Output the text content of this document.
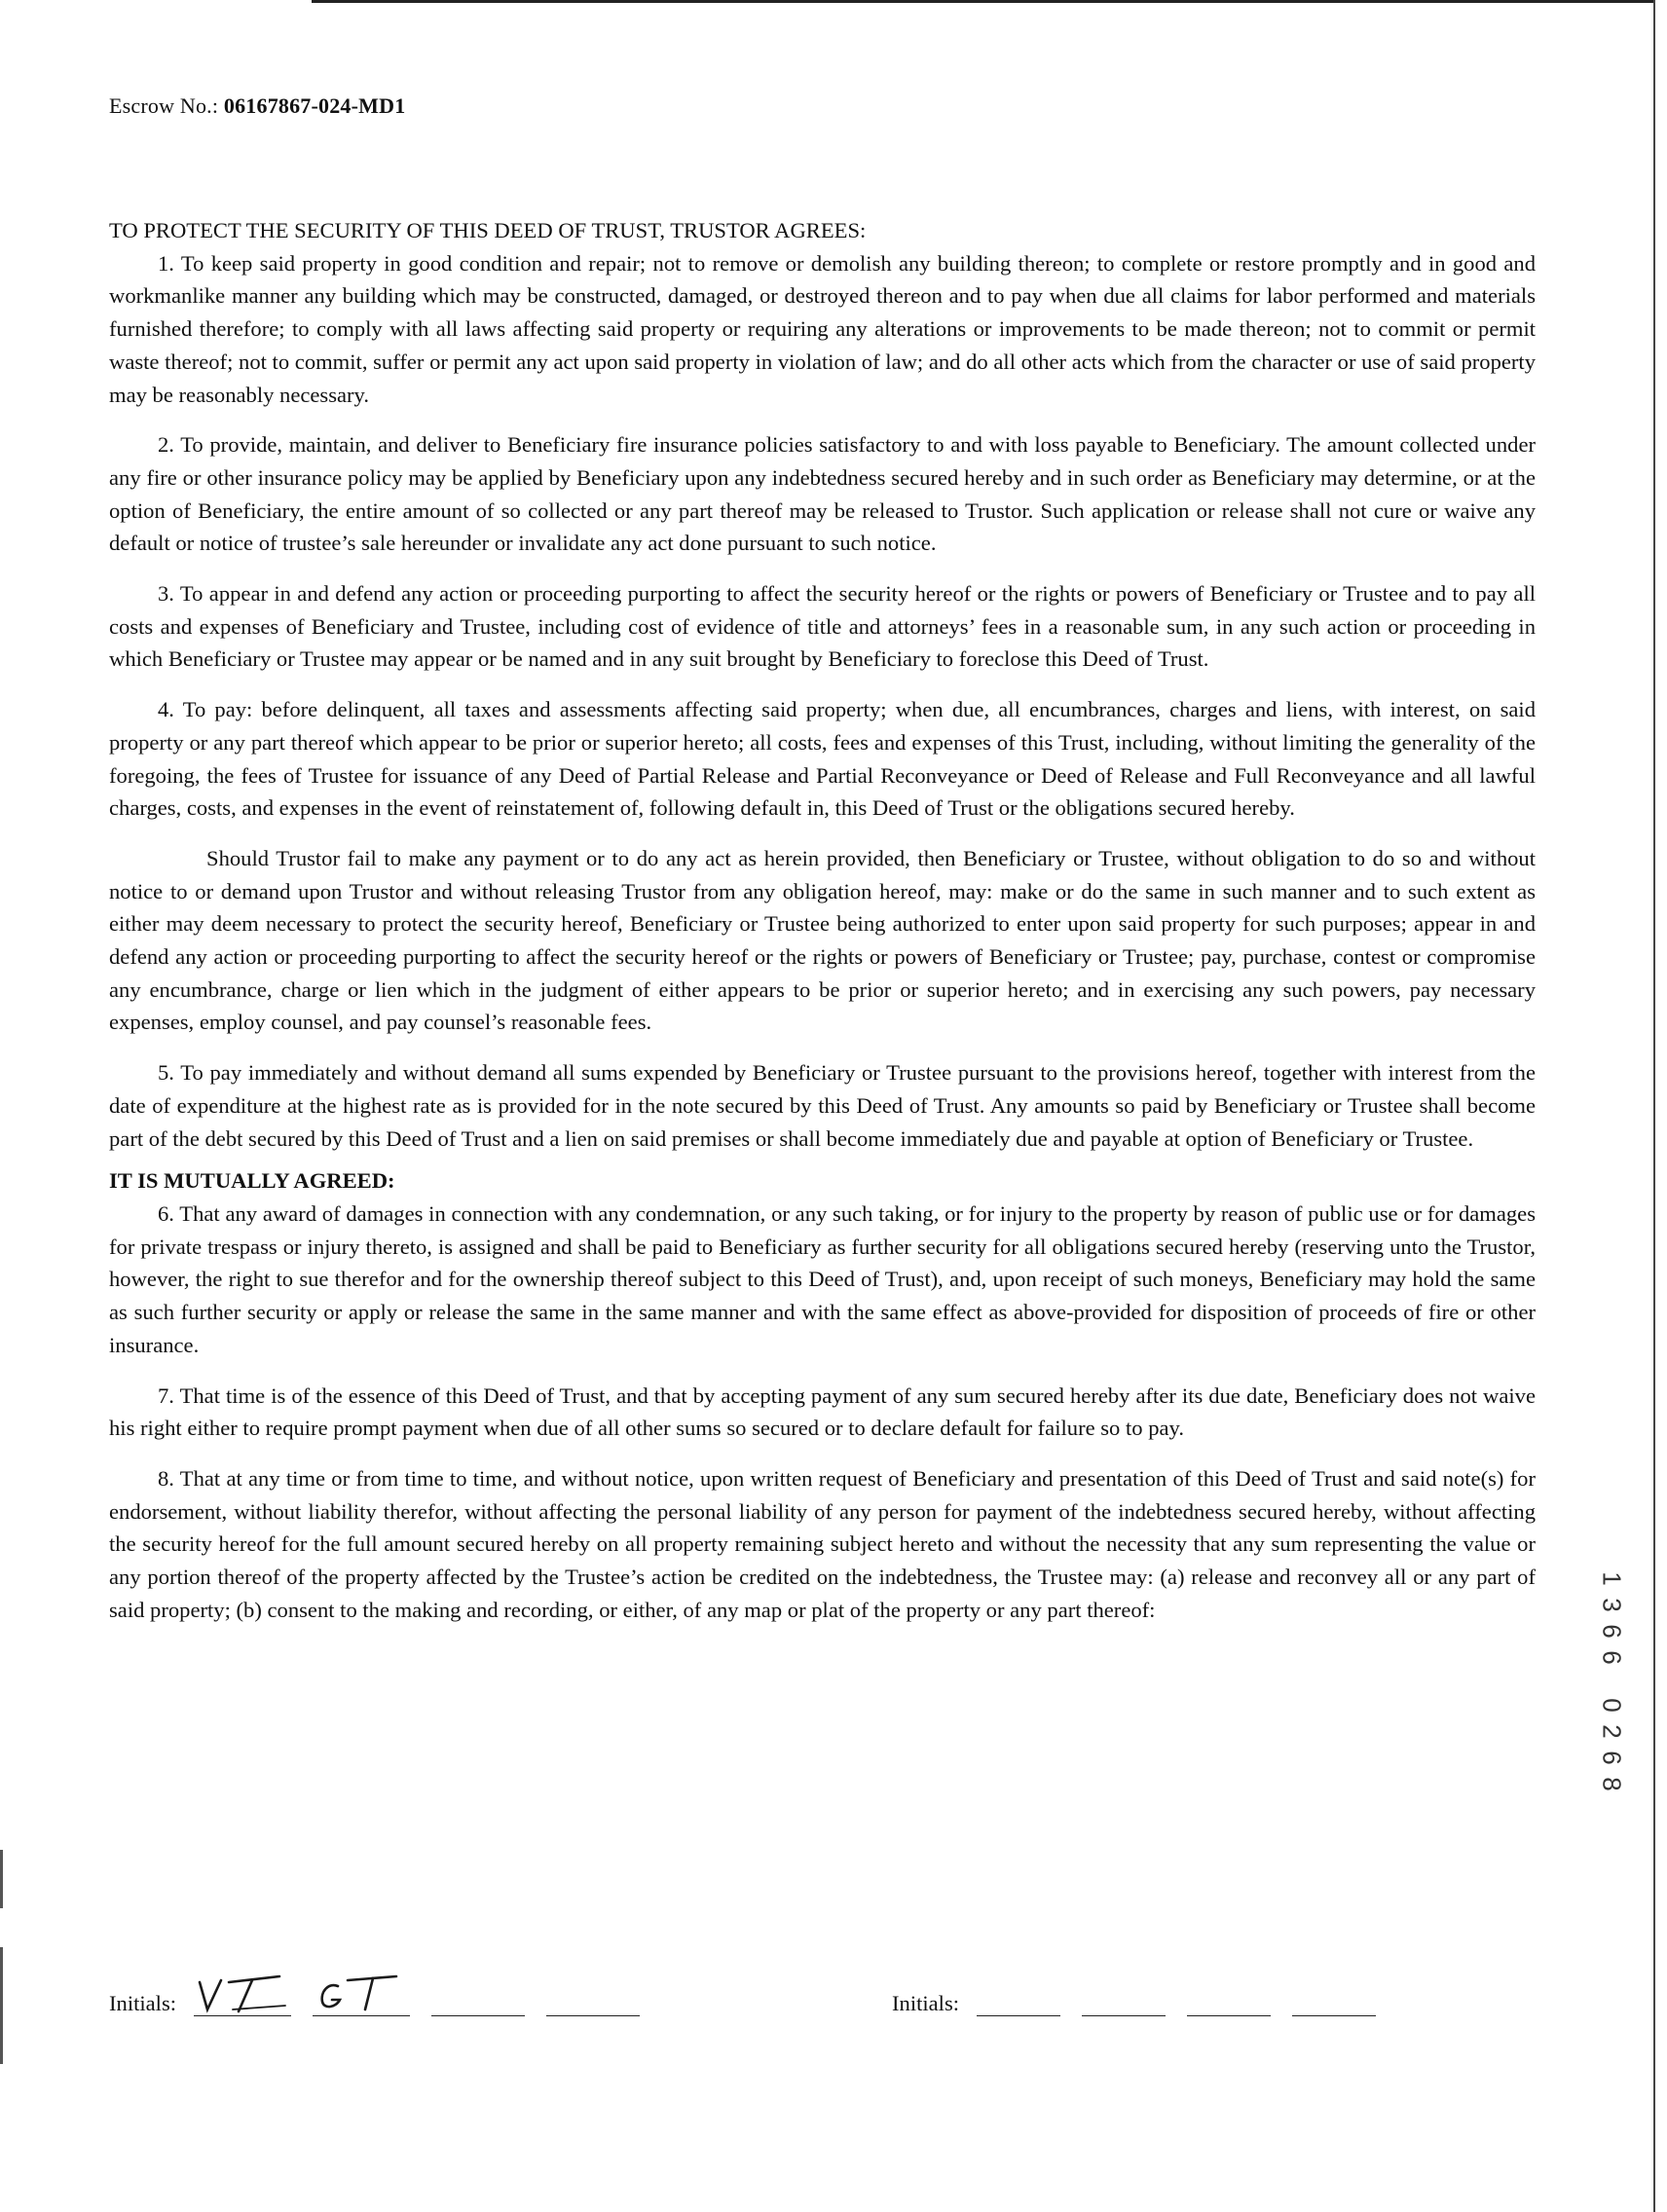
Escrow No.: 06167867-024-MD1

TO PROTECT THE SECURITY OF THIS DEED OF TRUST, TRUSTOR AGREES:

1. To keep said property in good condition and repair; not to remove or demolish any building thereon; to complete or restore promptly and in good and workmanlike manner any building which may be constructed, damaged, or destroyed thereon and to pay when due all claims for labor performed and materials furnished therefore; to comply with all laws affecting said property or requiring any alterations or improvements to be made thereon; not to commit or permit waste thereof; not to commit, suffer or permit any act upon said property in violation of law; and do all other acts which from the character or use of said property may be reasonably necessary.

2. To provide, maintain, and deliver to Beneficiary fire insurance policies satisfactory to and with loss payable to Beneficiary. The amount collected under any fire or other insurance policy may be applied by Beneficiary upon any indebtedness secured hereby and in such order as Beneficiary may determine, or at the option of Beneficiary, the entire amount of so collected or any part thereof may be released to Trustor. Such application or release shall not cure or waive any default or notice of trustee’s sale hereunder or invalidate any act done pursuant to such notice.

3. To appear in and defend any action or proceeding purporting to affect the security hereof or the rights or powers of Beneficiary or Trustee and to pay all costs and expenses of Beneficiary and Trustee, including cost of evidence of title and attorneys’ fees in a reasonable sum, in any such action or proceeding in which Beneficiary or Trustee may appear or be named and in any suit brought by Beneficiary to foreclose this Deed of Trust.

4. To pay: before delinquent, all taxes and assessments affecting said property; when due, all encumbrances, charges and liens, with interest, on said property or any part thereof which appear to be prior or superior hereto; all costs, fees and expenses of this Trust, including, without limiting the generality of the foregoing, the fees of Trustee for issuance of any Deed of Partial Release and Partial Reconveyance or Deed of Release and Full Reconveyance and all lawful charges, costs, and expenses in the event of reinstatement of, following default in, this Deed of Trust or the obligations secured hereby.

Should Trustor fail to make any payment or to do any act as herein provided, then Beneficiary or Trustee, without obligation to do so and without notice to or demand upon Trustor and without releasing Trustor from any obligation hereof, may: make or do the same in such manner and to such extent as either may deem necessary to protect the security hereof, Beneficiary or Trustee being authorized to enter upon said property for such purposes; appear in and defend any action or proceeding purporting to affect the security hereof or the rights or powers of Beneficiary or Trustee; pay, purchase, contest or compromise any encumbrance, charge or lien which in the judgment of either appears to be prior or superior hereto; and in exercising any such powers, pay necessary expenses, employ counsel, and pay counsel’s reasonable fees.

5. To pay immediately and without demand all sums expended by Beneficiary or Trustee pursuant to the provisions hereof, together with interest from the date of expenditure at the highest rate as is provided for in the note secured by this Deed of Trust. Any amounts so paid by Beneficiary or Trustee shall become part of the debt secured by this Deed of Trust and a lien on said premises or shall become immediately due and payable at option of Beneficiary or Trustee.

IT IS MUTUALLY AGREED:

6. That any award of damages in connection with any condemnation, or any such taking, or for injury to the property by reason of public use or for damages for private trespass or injury thereto, is assigned and shall be paid to Beneficiary as further security for all obligations secured hereby (reserving unto the Trustor, however, the right to sue therefor and for the ownership thereof subject to this Deed of Trust), and, upon receipt of such moneys, Beneficiary may hold the same as such further security or apply or release the same in the same manner and with the same effect as above-provided for disposition of proceeds of fire or other insurance.

7. That time is of the essence of this Deed of Trust, and that by accepting payment of any sum secured hereby after its due date, Beneficiary does not waive his right either to require prompt payment when due of all other sums so secured or to declare default for failure so to pay.

8. That at any time or from time to time, and without notice, upon written request of Beneficiary and presentation of this Deed of Trust and said note(s) for endorsement, without liability therefor, without affecting the personal liability of any person for payment of the indebtedness secured hereby, without affecting the security hereof for the full amount secured hereby on all property remaining subject hereto and without the necessity that any sum representing the value or any portion thereof of the property affected by the Trustee’s action be credited on the indebtedness, the Trustee may: (a) release and reconvey all or any part of said property; (b) consent to the making and recording, or either, of any map or plat of the property or any part thereof:

Initials:	Initials:
1
3
6
6

0
2
6
8
